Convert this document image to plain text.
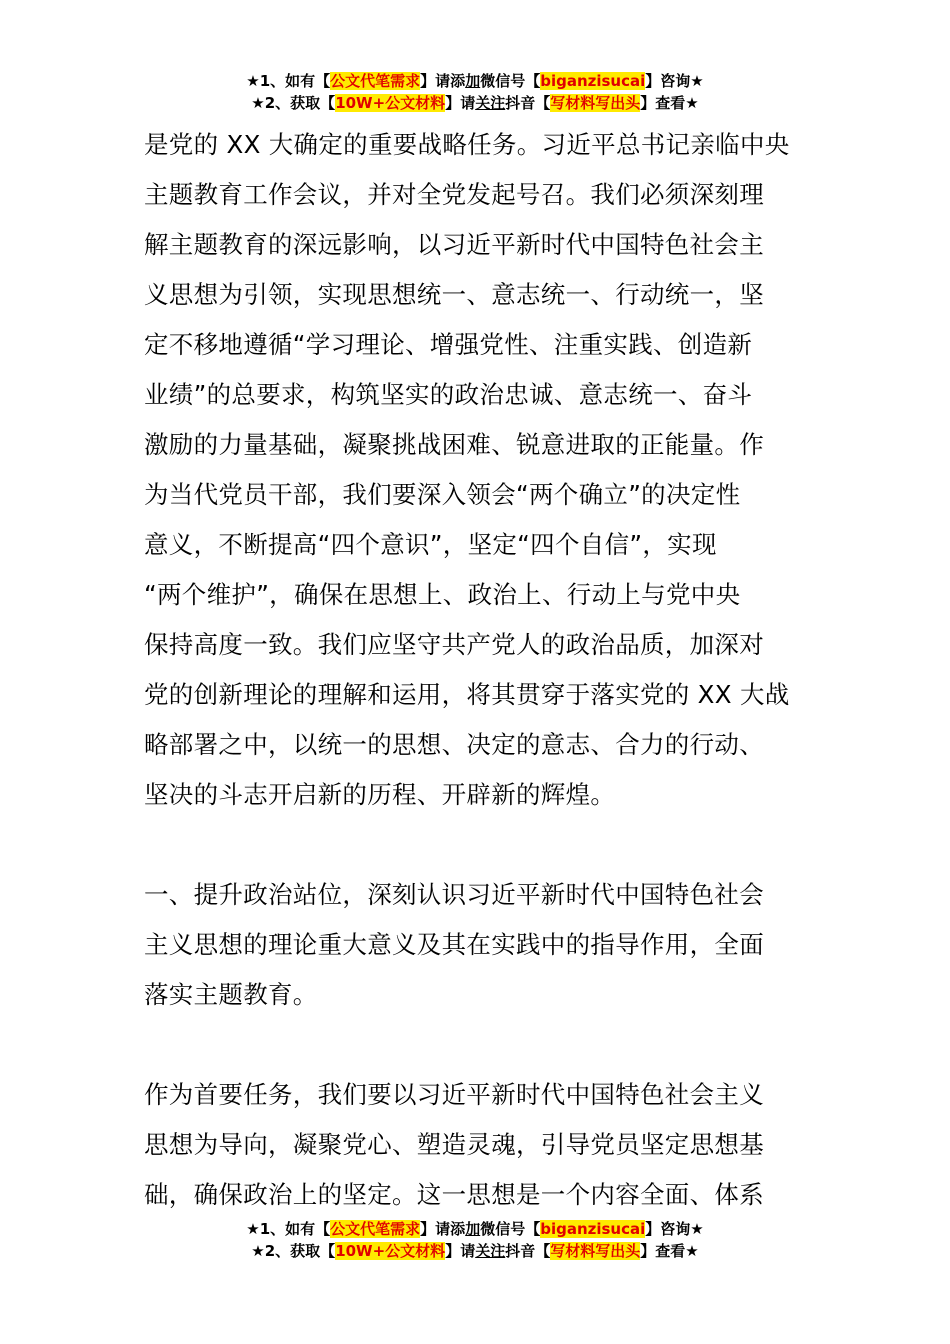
★1、如有【公文代笔需求】请添加微信号【biganzisucai】咨询★
★2、获取【10W+公文材料】请关注抖音【写材料写出头】查看★

是党的 XX 大确定的重要战略任务。习近平总书记亲临中央
主题教育工作会议，并对全党发起号召。我们必须深刻理
解主题教育的深远影响，以习近平新时代中国特色社会主
义思想为引领，实现思想统一、意志统一、行动统一，坚
定不移地遵循“学习理论、增强党性、注重实践、创造新
业绩”的总要求，构筑坚实的政治忠诚、意志统一、奋斗
激励的力量基础，凝聚挑战困难、锐意进取的正能量。作
为当代党员干部，我们要深入领会“两个确立”的决定性
意义，不断提高“四个意识”，坚定“四个自信”，实现
“两个维护”，确保在思想上、政治上、行动上与党中央
保持高度一致。我们应坚守共产党人的政治品质，加深对
党的创新理论的理解和运用，将其贯穿于落实党的 XX 大战
略部署之中，以统一的思想、决定的意志、合力的行动、
坚决的斗志开启新的历程、开辟新的辉煌。

一、提升政治站位，深刻认识习近平新时代中国特色社会
主义思想的理论重大意义及其在实践中的指导作用，全面
落实主题教育。

作为首要任务，我们要以习近平新时代中国特色社会主义
思想为导向，凝聚党心、塑造灵魂，引导党员坚定思想基
础，确保政治上的坚定。这一思想是一个内容全面、体系

★1、如有【公文代笔需求】请添加微信号【biganzisucai】咨询★
★2、获取【10W+公文材料】请关注抖音【写材料写出头】查看★
